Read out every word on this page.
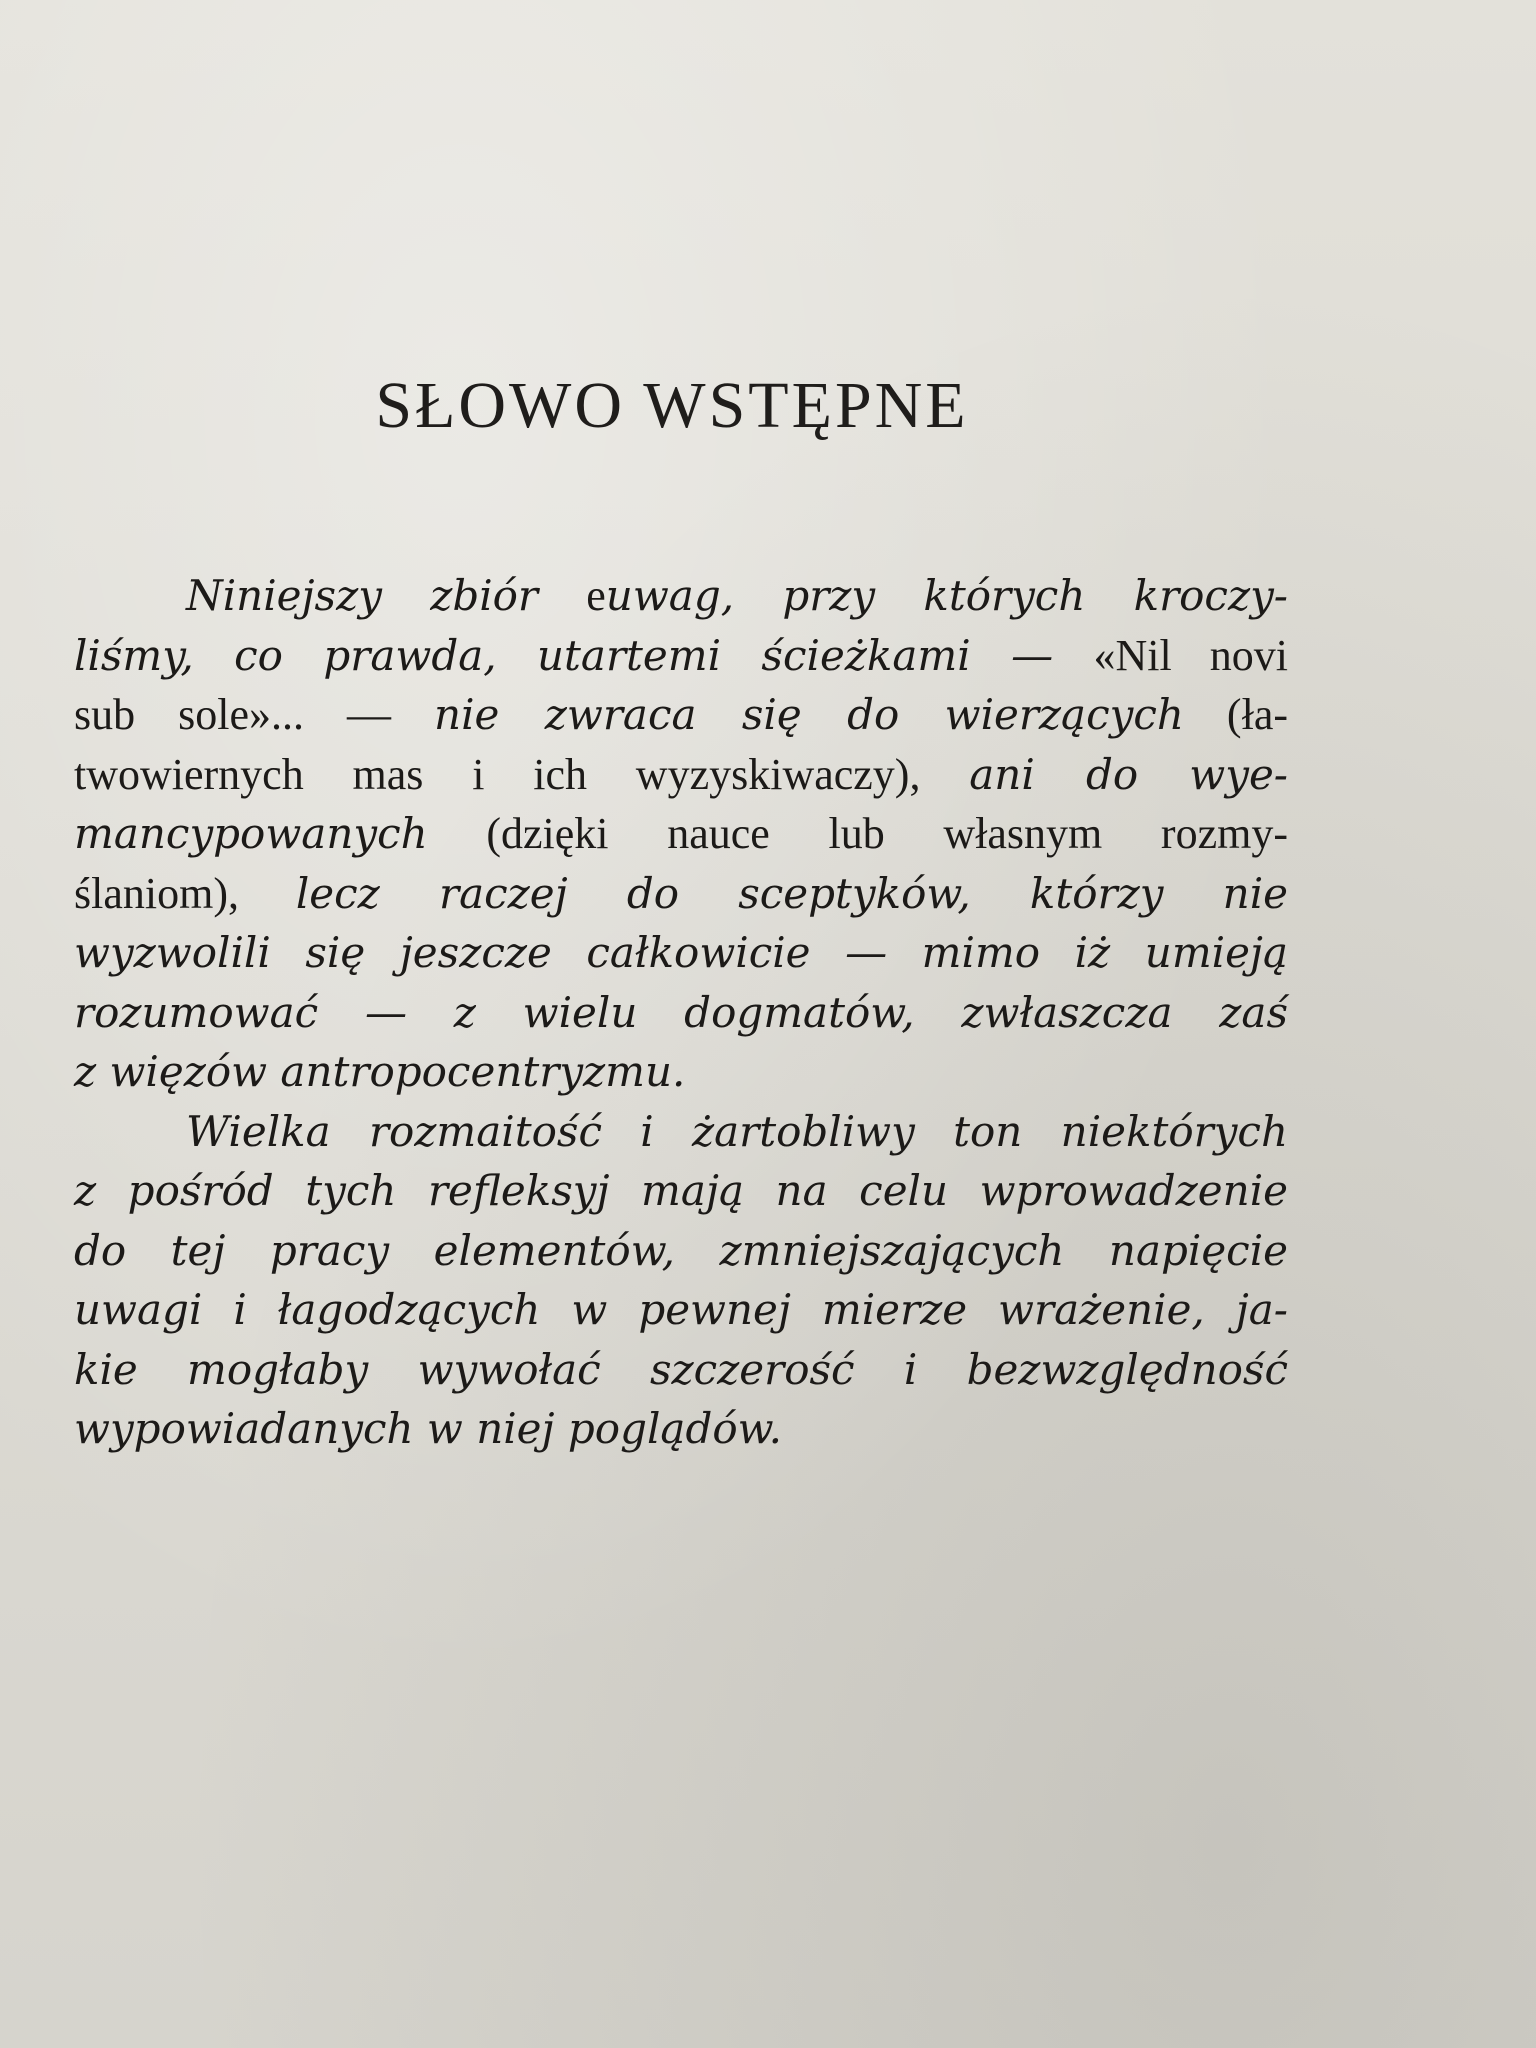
SŁOWO WSTĘPNE
Niniejszy zbiór euwag, przy których kroczy-
liśmy, co prawda, utartemi ścieżkami — «Nil novi
sub sole»... — nie zwraca się do wierzących (ła-
twowiernych mas i ich wyzyskiwaczy), ani do wye-
mancypowanych (dzięki nauce lub własnym rozmy-
ślaniom), lecz raczej do sceptyków, którzy nie
wyzwolili się jeszcze całkowicie — mimo iż umieją
rozumować — z wielu dogmatów, zwłaszcza zaś
z więzów antropocentryzmu.
Wielka rozmaitość i żartobliwy ton niektórych
z pośród tych refleksyj mają na celu wprowadzenie
do tej pracy elementów, zmniejszających napięcie
uwagi i łagodzących w pewnej mierze wrażenie, ja-
kie mogłaby wywołać szczerość i bezwzględność
wypowiadanych w niej poglądów.
